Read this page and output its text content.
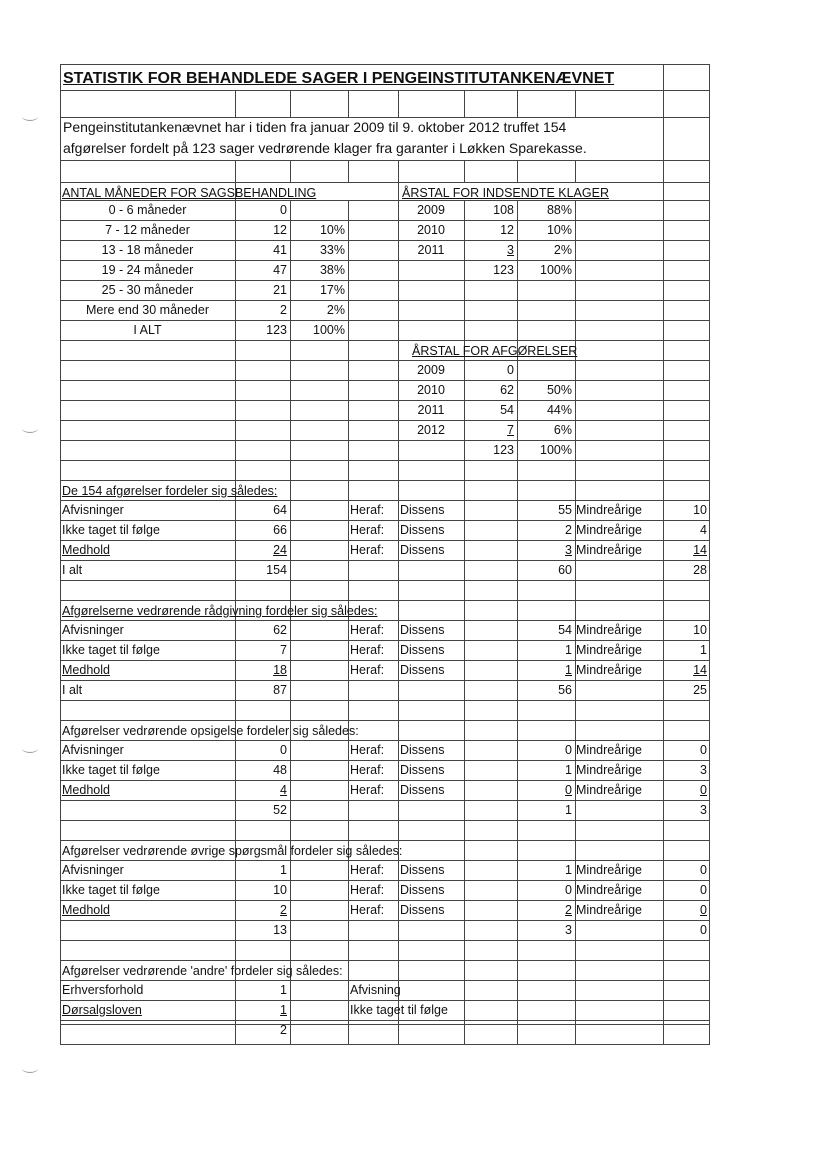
STATISTIK FOR BEHANDLEDE SAGER I PENGEINSTITUTANKENÆVNET
Pengeinstitutankenævnet har i tiden fra januar 2009 til 9. oktober 2012 truffet 154
afgørelser fordelt på 123 sager vedrørende klager fra garanter i Løkken Sparekasse.
ANTAL MÅNEDER FOR SAGSBEHANDLING
0 - 6 måneder	0
7 - 12 måneder	12	10%
13 - 18 måneder	41	33%
19 - 24 måneder	47	38%
25 - 30 måneder	21	17%
Mere end 30 måneder	2	2%
I ALT	123	100%
ÅRSTAL FOR INDSENDTE KLAGER
2009	108	88%
2010	12	10%
2011	3	2%
123	100%
ÅRSTAL FOR AFGØRELSER
2009	0
2010	62	50%
2011	54	44%
2012	7	6%
123	100%
De 154 afgørelser fordeler sig således:
Afvisninger	64	Heraf:	Dissens	55 Mindreårige	10
Ikke taget til følge	66	Heraf:	Dissens	2 Mindreårige	4
Medhold	24	Heraf:	Dissens	3 Mindreårige	14
I alt	154	60	28
Afgørelserne vedrørende rådgivning fordeler sig således:
Afvisninger	62	Heraf:	Dissens	54 Mindreårige	10
Ikke taget til følge	7	Heraf:	Dissens	1 Mindreårige	1
Medhold	18	Heraf:	Dissens	1 Mindreårige	14
I alt	87	56	25
Afgørelser vedrørende opsigelse fordeler sig således:
Afvisninger	0	Heraf:	Dissens	0 Mindreårige	0
Ikke taget til følge	48	Heraf:	Dissens	1 Mindreårige	3
Medhold	4	Heraf:	Dissens	0 Mindreårige	0
52	1	3
Afgørelser vedrørende øvrige spørgsmål fordeler sig således:
Afvisninger	1	Heraf:	Dissens	1 Mindreårige	0
Ikke taget til følge	10	Heraf:	Dissens	0 Mindreårige	0
Medhold	2	Heraf:	Dissens	2 Mindreårige	0
13	3	0
Afgørelser vedrørende 'andre' fordeler sig således:
Erhversforhold	1	Afvisning
Dørsalgsloven	1	Ikke taget til følge
2
